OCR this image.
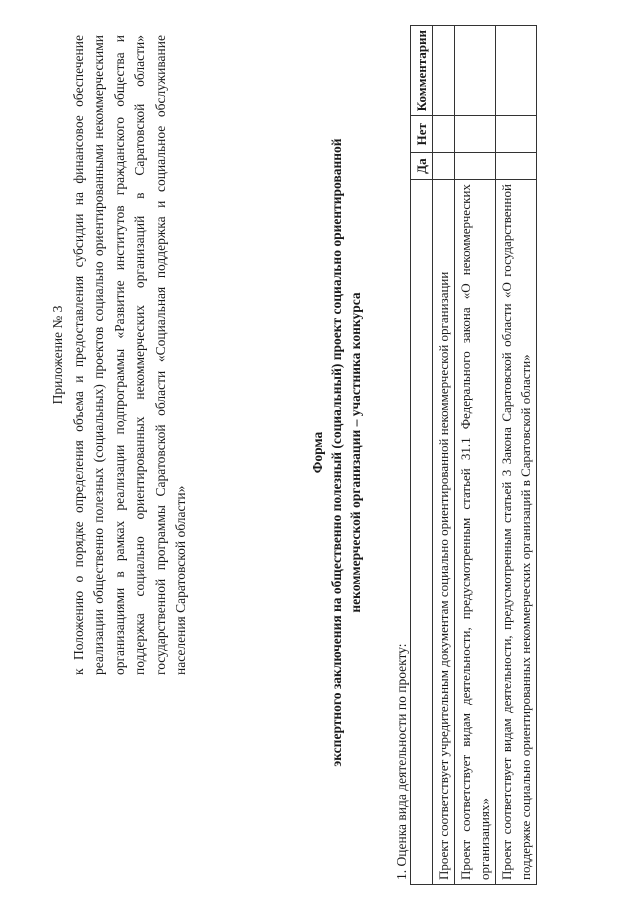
Приложение № 3 к Положению о порядке определения объема и предоставления субсидии на финансовое обеспечение реализации общественно полезных (социальных) проектов социально ориентированными некоммерческими организациями в рамках реализации подпрограммы «Развитие институтов гражданского общества и поддержка социально ориентированных некоммерческих организаций в Саратовской области» государственной программы Саратовской области «Социальная поддержка и социальное обслуживание населения Саратовской области»
Форма экспертного заключения на общественно полезный (социальный) проект социально ориентированной некоммерческой организации – участника конкурса
1. Оценка вида деятельности по проекту:
	Да	Нет	Комментарии
Проект соответствует учредительным документам социально ориентированной некоммерческой организации			
Проект соответствует видам деятельности, предусмотренным статьей 31.1 Федерального закона «О некоммерческих организациях»			
Проект соответствует видам деятельности, предусмотренным статьей 3 Закона Саратовской области «О государственной поддержке социально ориентированных некоммерческих организаций в Саратовской области»			
